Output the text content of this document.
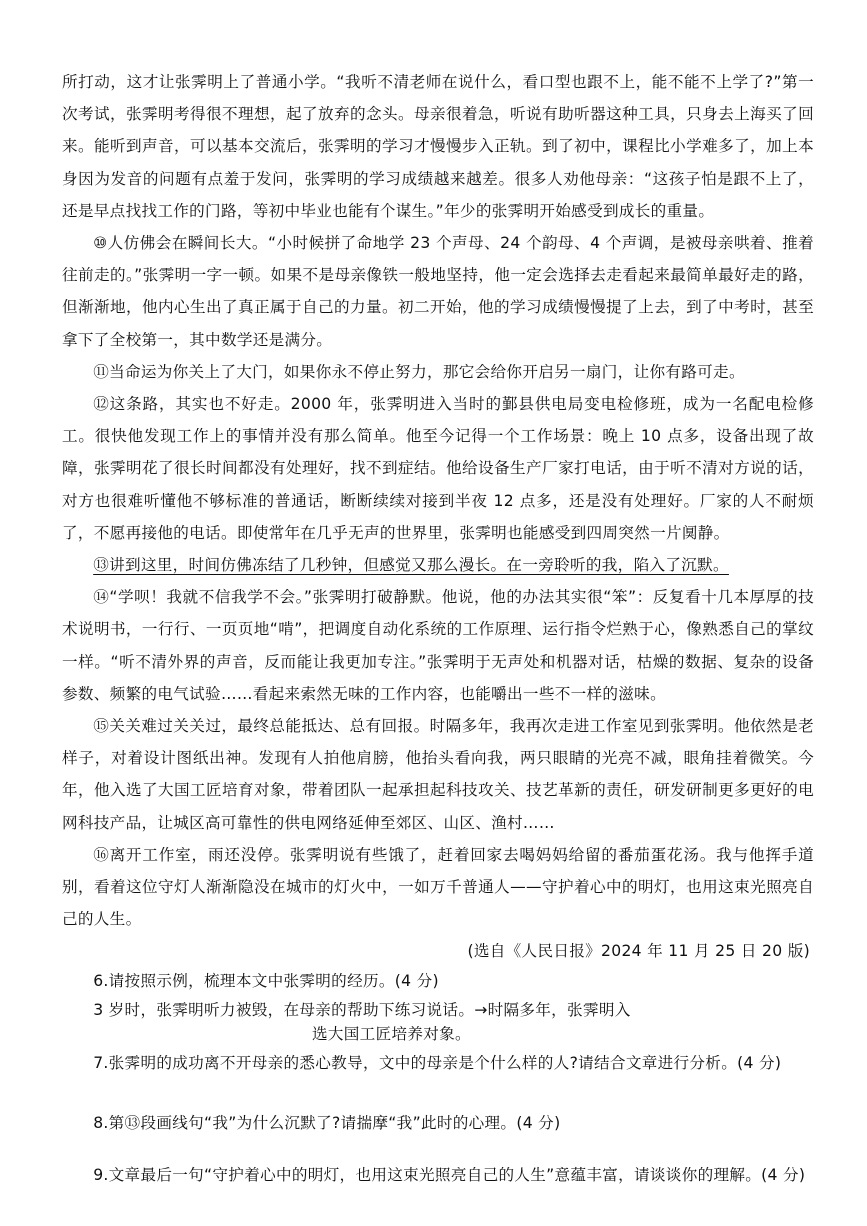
所打动，这才让张霁明上了普通小学。“我听不清老师在说什么，看口型也跟不上，能不能不上学了?”第一次考试，张霁明考得很不理想，起了放弃的念头。母亲很着急，听说有助听器这种工具，只身去上海买了回来。能听到声音，可以基本交流后，张霁明的学习才慢慢步入正轨。到了初中，课程比小学难多了，加上本身因为发音的问题有点羞于发问，张霁明的学习成绩越来越差。很多人劝他母亲：“这孩子怕是跟不上了，还是早点找找工作的门路，等初中毕业也能有个谋生。”年少的张霁明开始感受到成长的重量。

⑩人仿佛会在瞬间长大。“小时候拼了命地学 23 个声母、24 个韵母、4 个声调，是被母亲哄着、推着往前走的。”张霁明一字一顿。如果不是母亲像铁一般地坚持，他一定会选择去走看起来最简单最好走的路，但渐渐地，他内心生出了真正属于自己的力量。初二开始，他的学习成绩慢慢提了上去，到了中考时，甚至拿下了全校第一，其中数学还是满分。

⑪当命运为你关上了大门，如果你永不停止努力，那它会给你开启另一扇门，让你有路可走。

⑫这条路，其实也不好走。2000 年，张霁明进入当时的鄞县供电局变电检修班，成为一名配电检修工。很快他发现工作上的事情并没有那么简单。他至今记得一个工作场景：晚上 10 点多，设备出现了故障，张霁明花了很长时间都没有处理好，找不到症结。他给设备生产厂家打电话，由于听不清对方说的话，对方也很难听懂他不够标准的普通话，断断续续对接到半夜 12 点多，还是没有处理好。厂家的人不耐烦了，不愿再接他的电话。即使常年在几乎无声的世界里，张霁明也能感受到四周突然一片阒静。

⑬讲到这里，时间仿佛冻结了几秒钟，但感觉又那么漫长。在一旁聆听的我，陷入了沉默。

⑭“学呗！我就不信我学不会。”张霁明打破静默。他说，他的办法其实很“笨”：反复看十几本厚厚的技术说明书，一行行、一页页地“啃”，把调度自动化系统的工作原理、运行指令烂熟于心，像熟悉自己的掌纹一样。“听不清外界的声音，反而能让我更加专注。”张霁明于无声处和机器对话，枯燥的数据、复杂的设备参数、频繁的电气试验……看起来索然无味的工作内容，也能嚼出一些不一样的滋味。

⑮关关难过关关过，最终总能抵达、总有回报。时隔多年，我再次走进工作室见到张霁明。他依然是老样子，对着设计图纸出神。发现有人拍他肩膀，他抬头看向我，两只眼睛的光亮不减，眼角挂着微笑。今年，他入选了大国工匠培育对象，带着团队一起承担起科技攻关、技艺革新的责任，研发研制更多更好的电网科技产品，让城区高可靠性的供电网络延伸至郊区、山区、渔村……

⑯离开工作室，雨还没停。张霁明说有些饿了，赶着回家去喝妈妈给留的番茄蛋花汤。我与他挥手道别，看着这位守灯人渐渐隐没在城市的灯火中，一如万千普通人——守护着心中的明灯，也用这束光照亮自己的人生。

(选自《人民日报》2024 年 11 月 25 日 20 版)

6.请按照示例，梳理本文中张霁明的经历。(4 分)

3 岁时，张霁明听力被毁，在母亲的帮助下练习说话。→时隔多年，张霁明入

选大国工匠培养对象。

7.张霁明的成功离不开母亲的悉心教导，文中的母亲是个什么样的人?请结合文章进行分析。(4 分)

8.第⑬段画线句“我”为什么沉默了?请揣摩“我”此时的心理。(4 分)

9.文章最后一句“守护着心中的明灯，也用这束光照亮自己的人生”意蕴丰富，请谈谈你的理解。(4 分)
